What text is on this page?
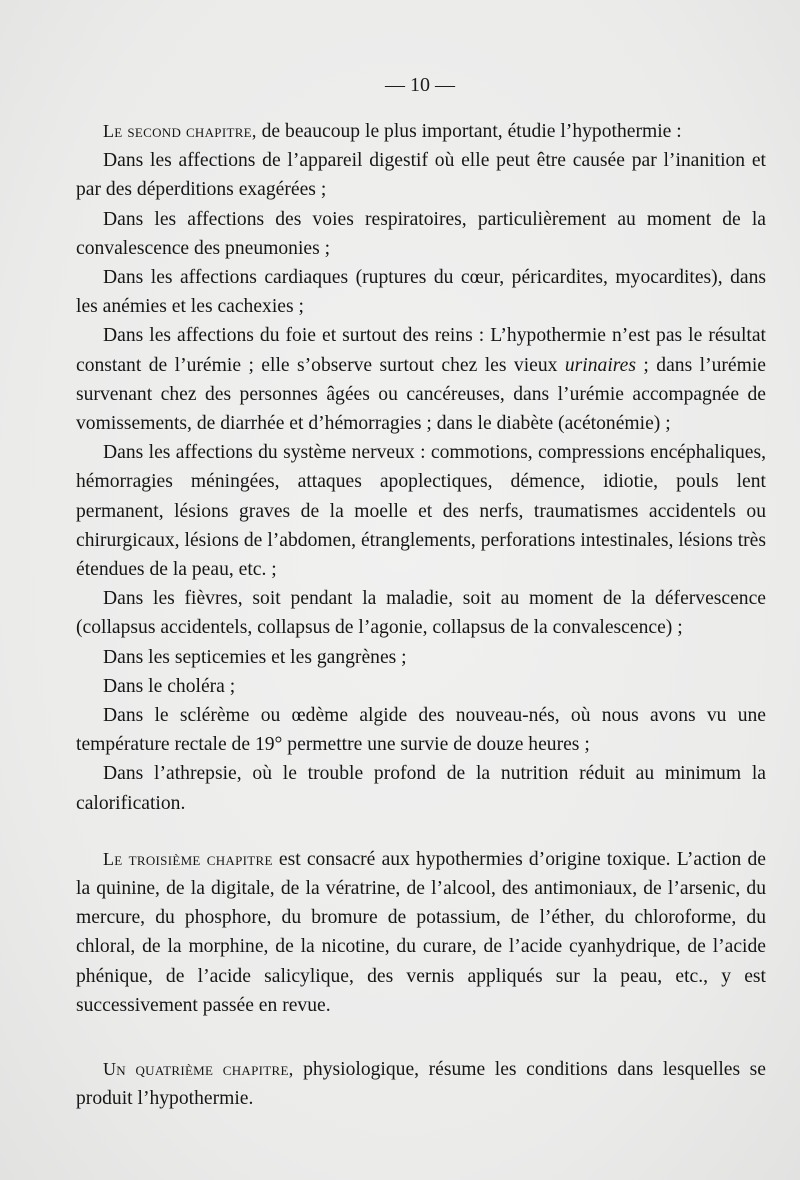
— 10 —

Le second chapitre, de beaucoup le plus important, étudie l’hypothermie :

Dans les affections de l’appareil digestif où elle peut être causée par l’inanition et par des déperditions exagérées ;

Dans les affections des voies respiratoires, particulièrement au moment de la convalescence des pneumonies ;

Dans les affections cardiaques (ruptures du cœur, péricardites, myocardites), dans les anémies et les cachexies ;

Dans les affections du foie et surtout des reins : L’hypothermie n’est pas le résultat constant de l’urémie ; elle s’observe surtout chez les vieux urinaires ; dans l’urémie survenant chez des personnes âgées ou cancéreuses, dans l’urémie accompagnée de vomissements, de diarrhée et d’hémorragies ; dans le diabète (acétonémie) ;

Dans les affections du système nerveux : commotions, compressions encéphaliques, hémorragies méningées, attaques apoplectiques, démence, idiotie, pouls lent permanent, lésions graves de la moelle et des nerfs, traumatismes accidentels ou chirurgicaux, lésions de l’abdomen, étranglements, perforations intestinales, lésions très étendues de la peau, etc. ;

Dans les fièvres, soit pendant la maladie, soit au moment de la défervescence (collapsus accidentels, collapsus de l’agonie, collapsus de la convalescence) ;

Dans les septicemies et les gangrènes ;

Dans le choléra ;

Dans le sclérème ou œdème algide des nouveau-nés, où nous avons vu une température rectale de 19° permettre une survie de douze heures ;

Dans l’athrepsie, où le trouble profond de la nutrition réduit au minimum la calorification.

Le troisième chapitre est consacré aux hypothermies d’origine toxique. L’action de la quinine, de la digitale, de la vératrine, de l’alcool, des antimoniaux, de l’arsenic, du mercure, du phosphore, du bromure de potassium, de l’éther, du chloroforme, du chloral, de la morphine, de la nicotine, du curare, de l’acide cyanhydrique, de l’acide phénique, de l’acide salicylique, des vernis appliqués sur la peau, etc., y est successivement passée en revue.

Un quatrième chapitre, physiologique, résume les conditions dans lesquelles se produit l’hypothermie.
